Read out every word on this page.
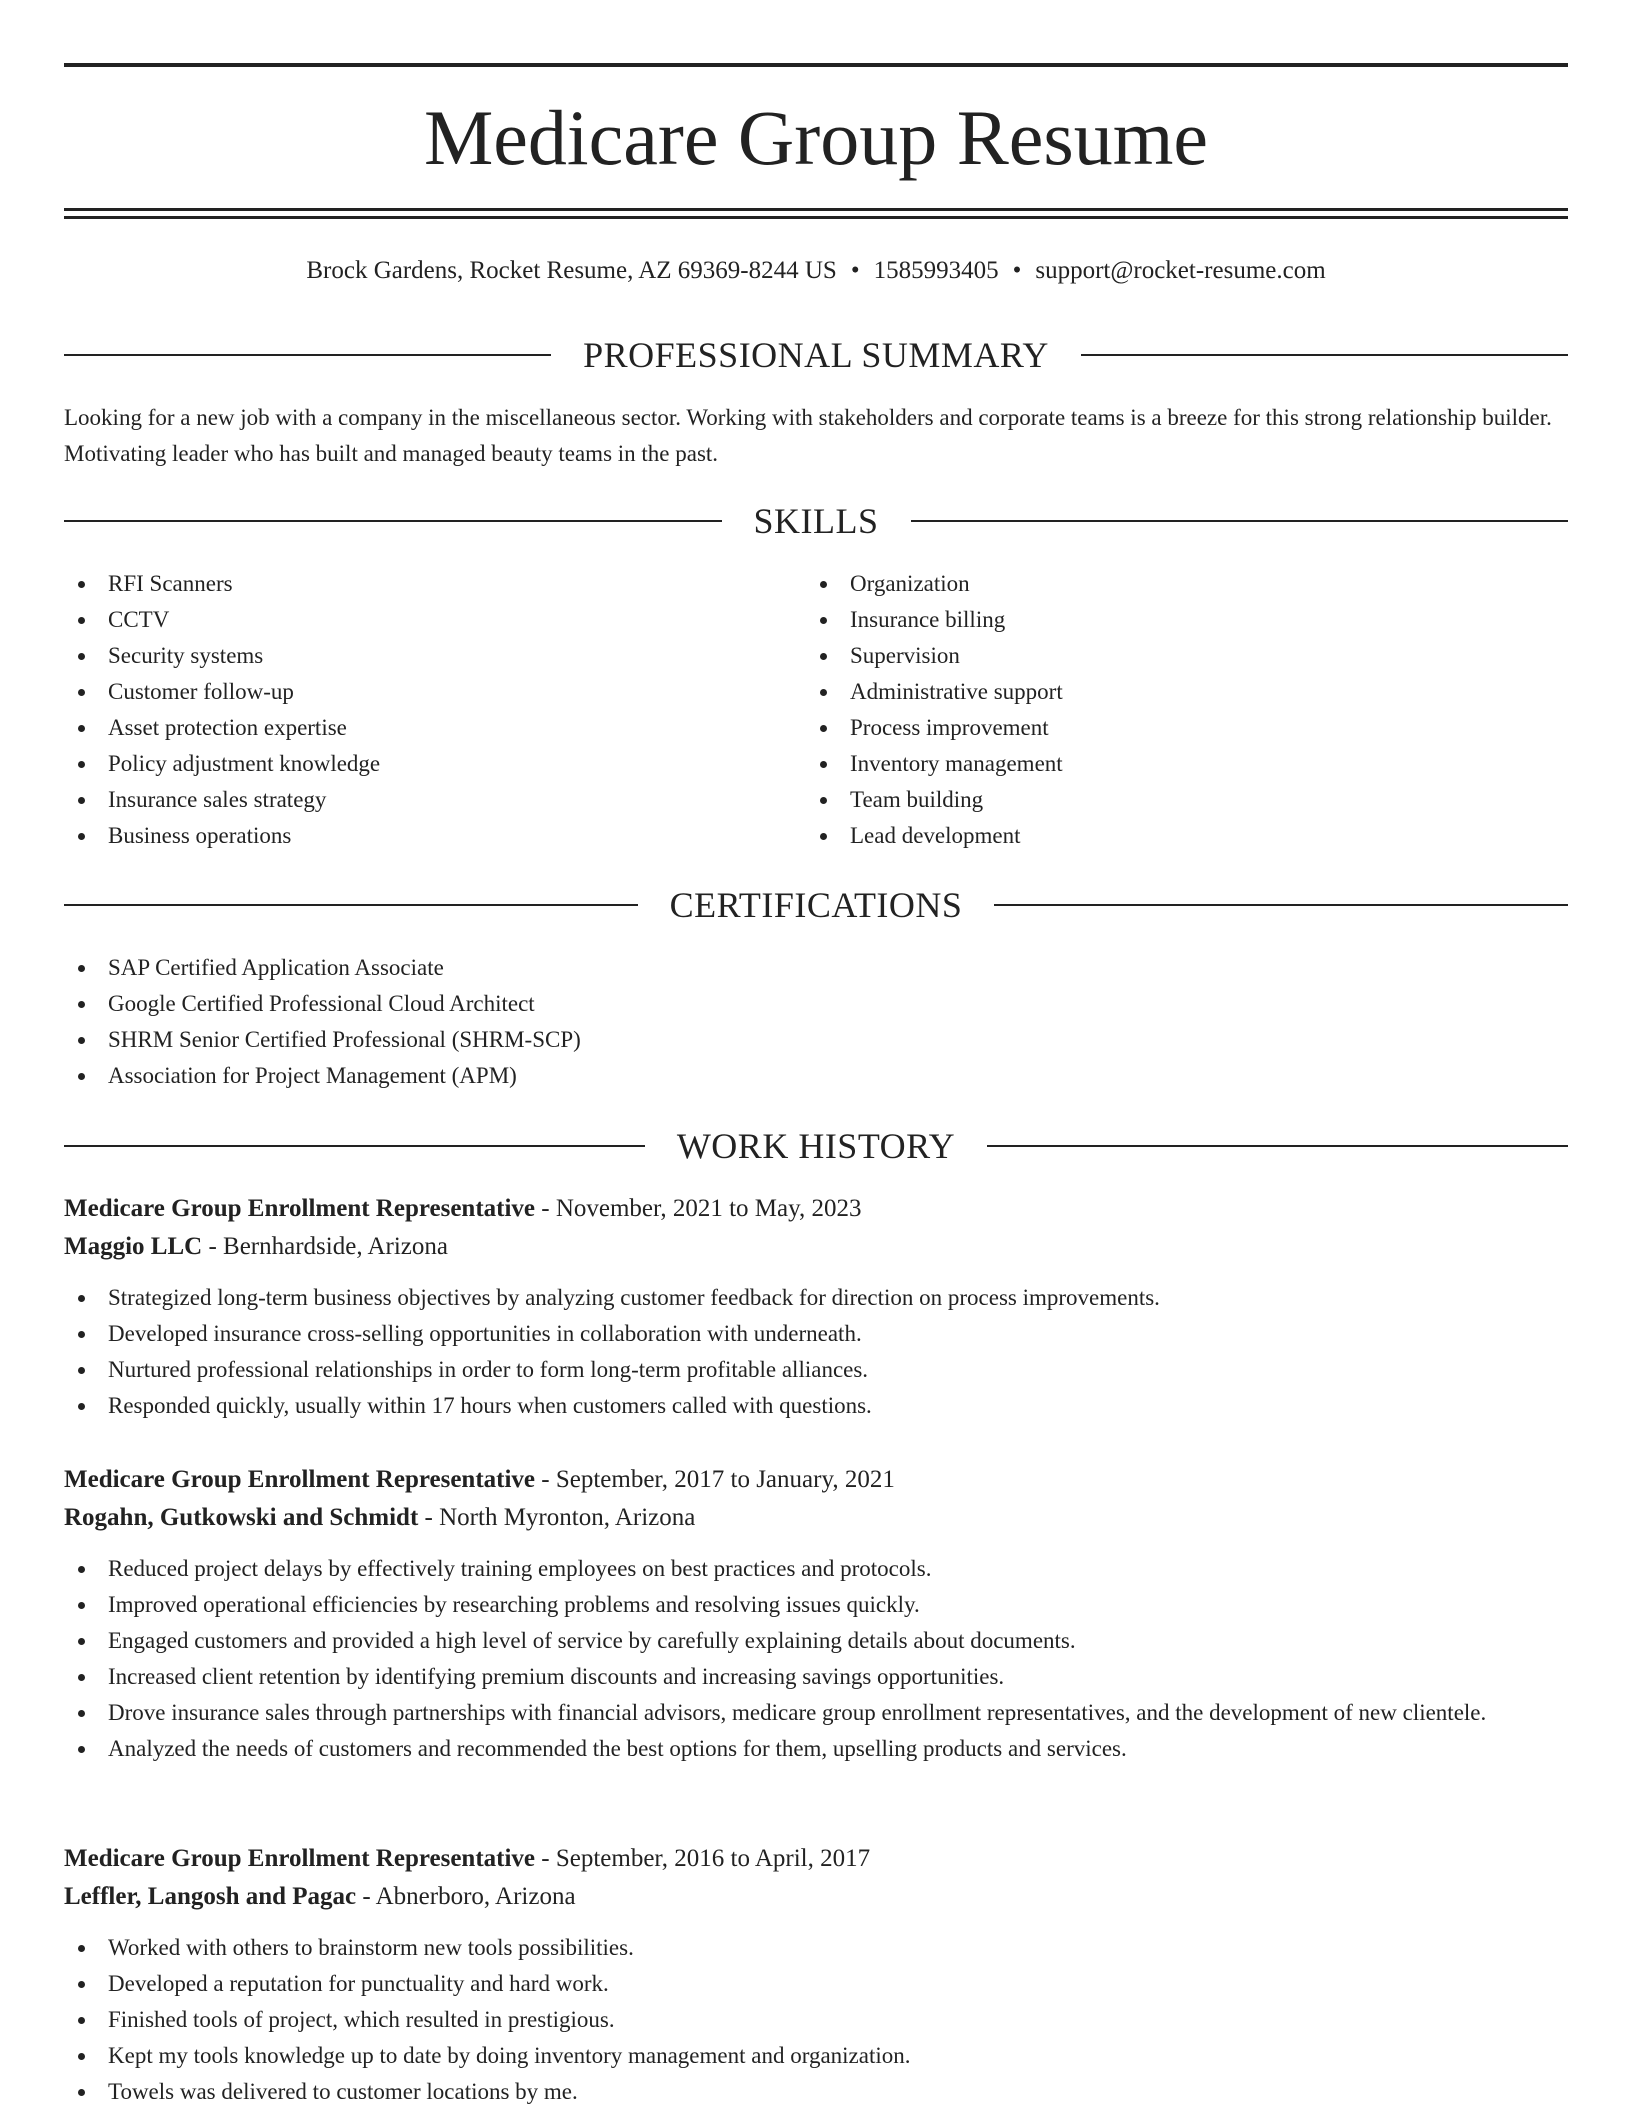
Medicare Group Resume
Brock Gardens, Rocket Resume, AZ 69369-8244 US • 1585993405 • support@rocket-resume.com
PROFESSIONAL SUMMARY

Looking for a new job with a company in the miscellaneous sector. Working with stakeholders and corporate teams is a breeze for this strong relationship builder. Motivating leader who has built and managed beauty teams in the past.

SKILLS
RFI Scanners
CCTV
Security systems
Customer follow-up
Asset protection expertise
Policy adjustment knowledge
Insurance sales strategy
Business operations
Organization
Insurance billing
Supervision
Administrative support
Process improvement
Inventory management
Team building
Lead development
CERTIFICATIONS
SAP Certified Application Associate
Google Certified Professional Cloud Architect
SHRM Senior Certified Professional (SHRM-SCP)
Association for Project Management (APM)
WORK HISTORY
Medicare Group Enrollment Representative - November, 2021 to May, 2023
Maggio LLC - Bernhardside, Arizona
Strategized long-term business objectives by analyzing customer feedback for direction on process improvements.
Developed insurance cross-selling opportunities in collaboration with underneath.
Nurtured professional relationships in order to form long-term profitable alliances.
Responded quickly, usually within 17 hours when customers called with questions.
Medicare Group Enrollment Representative - September, 2017 to January, 2021
Rogahn, Gutkowski and Schmidt - North Myronton, Arizona
Reduced project delays by effectively training employees on best practices and protocols.
Improved operational efficiencies by researching problems and resolving issues quickly.
Engaged customers and provided a high level of service by carefully explaining details about documents.
Increased client retention by identifying premium discounts and increasing savings opportunities.
Drove insurance sales through partnerships with financial advisors, medicare group enrollment representatives, and the development of new clientele.
Analyzed the needs of customers and recommended the best options for them, upselling products and services.
Medicare Group Enrollment Representative - September, 2016 to April, 2017
Leffler, Langosh and Pagac - Abnerboro, Arizona
Worked with others to brainstorm new tools possibilities.
Developed a reputation for punctuality and hard work.
Finished tools of project, which resulted in prestigious.
Kept my tools knowledge up to date by doing inventory management and organization.
Towels was delivered to customer locations by me.
